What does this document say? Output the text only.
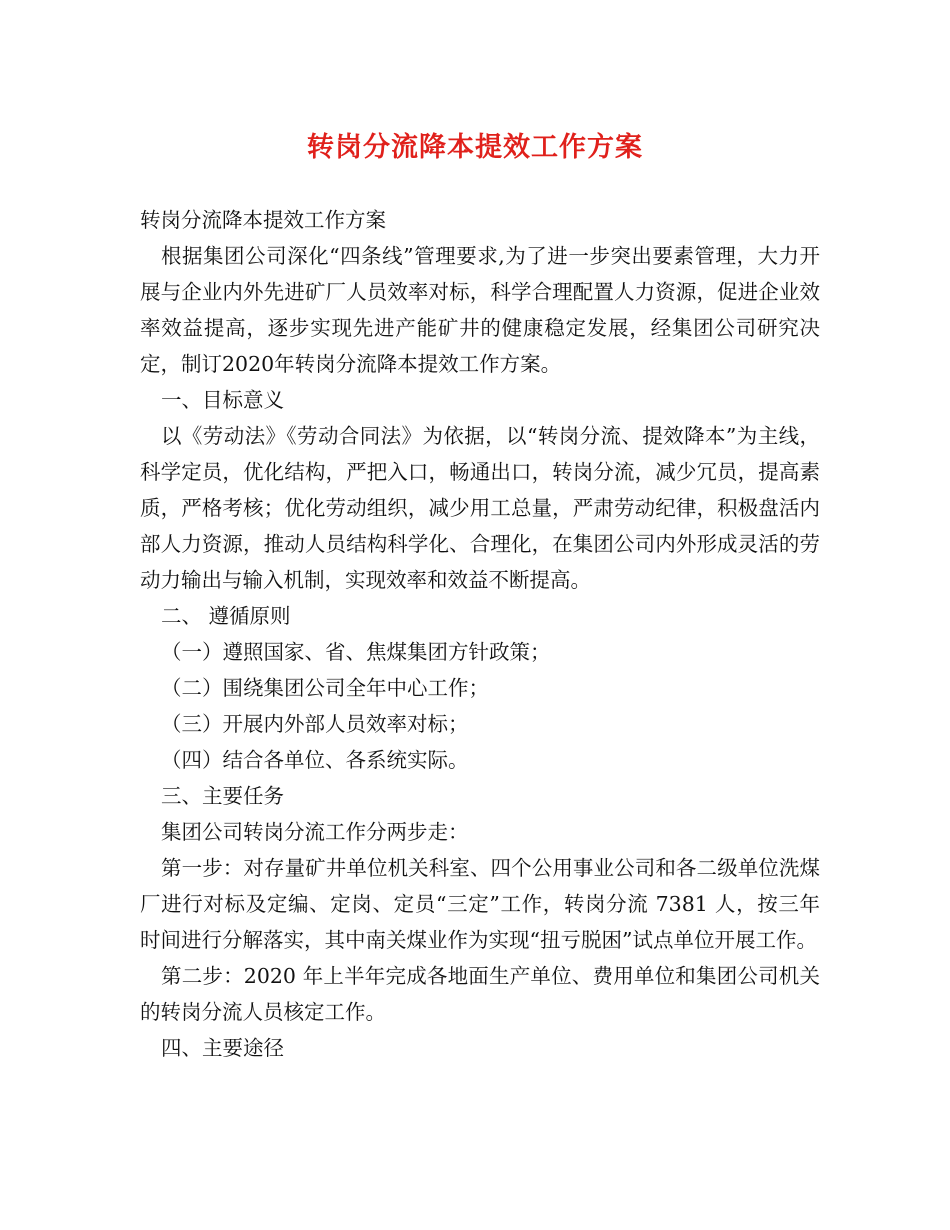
转岗分流降本提效工作方案

转岗分流降本提效工作方案

根据集团公司深化“四条线”管理要求,为了进一步突出要素管理，大力开展与企业内外先进矿厂人员效率对标，科学合理配置人力资源，促进企业效率效益提高，逐步实现先进产能矿井的健康稳定发展，经集团公司研究决定，制订2020年转岗分流降本提效工作方案。

一、目标意义

以《劳动法》《劳动合同法》为依据，以“转岗分流、提效降本”为主线，科学定员，优化结构，严把入口，畅通出口，转岗分流，减少冗员，提高素质，严格考核；优化劳动组织，减少用工总量，严肃劳动纪律，积极盘活内部人力资源，推动人员结构科学化、合理化，在集团公司内外形成灵活的劳动力输出与输入机制，实现效率和效益不断提高。

二、 遵循原则

（一）遵照国家、省、焦煤集团方针政策；

（二）围绕集团公司全年中心工作；

（三）开展内外部人员效率对标；

（四）结合各单位、各系统实际。

三、主要任务

集团公司转岗分流工作分两步走：

第一步：对存量矿井单位机关科室、四个公用事业公司和各二级单位洗煤厂进行对标及定编、定岗、定员“三定”工作，转岗分流 7381 人，按三年时间进行分解落实，其中南关煤业作为实现“扭亏脱困”试点单位开展工作。

第二步：2020 年上半年完成各地面生产单位、费用单位和集团公司机关的转岗分流人员核定工作。

四、主要途径
